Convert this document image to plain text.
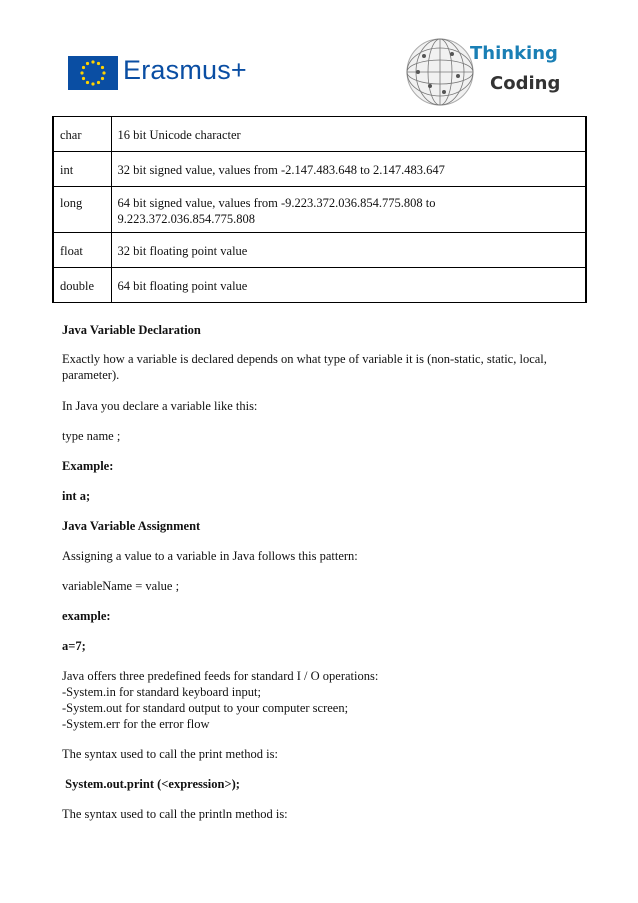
Erasmus+
Thinking
Coding
char	16 bit Unicode character
int	32 bit signed value, values from -2.147.483.648 to 2.147.483.647
long	64 bit signed value, values from -9.223.372.036.854.775.808 to
9.223.372.036.854.775.808

float	32 bit floating point value
double	64 bit floating point value
Java Variable Declaration
Exactly how a variable is declared depends on what type of variable it is (non-static, static, local,
parameter).
In Java you declare a variable like this:
type name ;
Example:
int a;
Java Variable Assignment
Assigning a value to a variable in Java follows this pattern:
variableName = value ;
example:
a=7;
Java offers three predefined feeds for standard I / O operations:
-System.in for standard keyboard input;
-System.out for standard output to your computer screen;
-System.err for the error flow
The syntax used to call the print method is:
System.out.print (<expression>);
The syntax used to call the println method is:
